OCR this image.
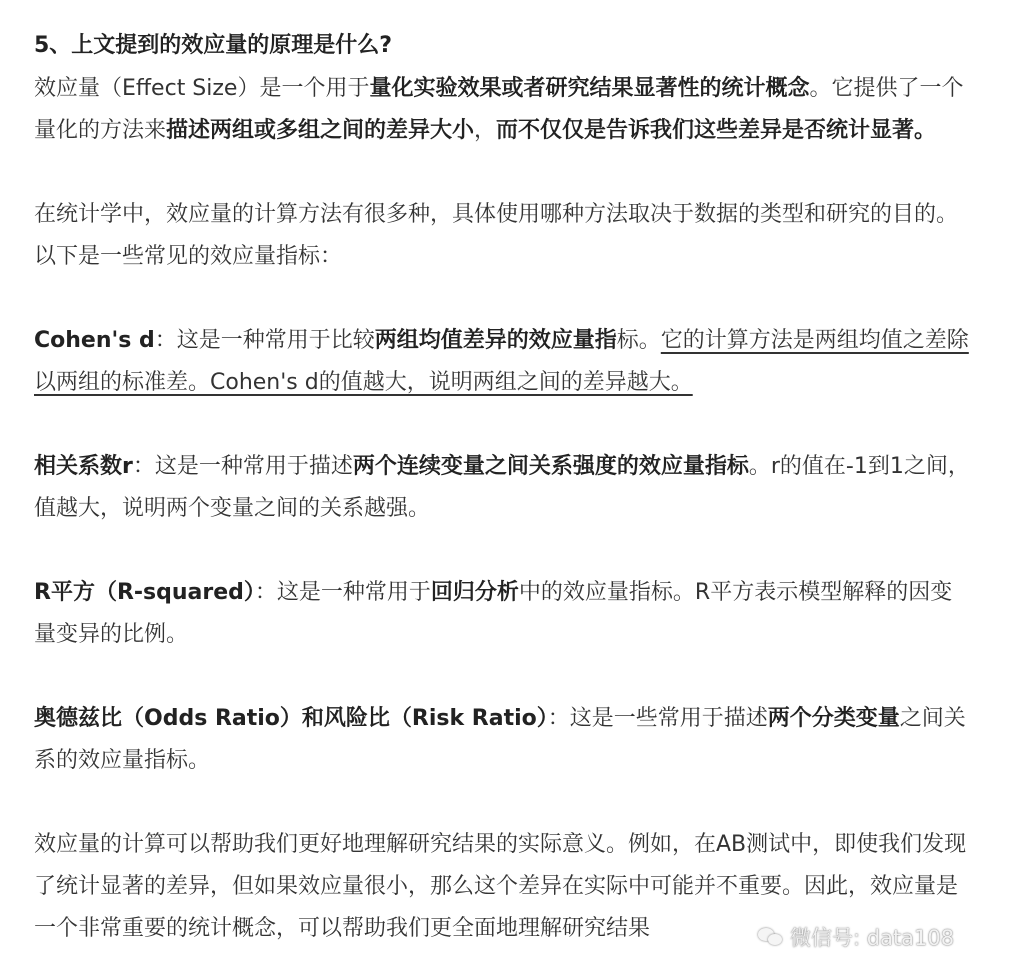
5、上文提到的效应量的原理是什么?

效应量（Effect Size）是一个用于量化实验效果或者研究结果显著性的统计概念。它提供了一个量化的方法来描述两组或多组之间的差异大小，而不仅仅是告诉我们这些差异是否统计显著。

在统计学中，效应量的计算方法有很多种，具体使用哪种方法取决于数据的类型和研究的目的。以下是一些常见的效应量指标：

Cohen's d：这是一种常用于比较两组均值差异的效应量指标。它的计算方法是两组均值之差除以两组的标准差。Cohen's d的值越大，说明两组之间的差异越大。

相关系数r：这是一种常用于描述两个连续变量之间关系强度的效应量指标。r的值在-1到1之间，值越大，说明两个变量之间的关系越强。

R平方（R-squared）：这是一种常用于回归分析中的效应量指标。R平方表示模型解释的因变量变异的比例。

奥德兹比（Odds Ratio）和风险比（Risk Ratio）：这是一些常用于描述两个分类变量之间关系的效应量指标。

效应量的计算可以帮助我们更好地理解研究结果的实际意义。例如，在AB测试中，即使我们发现了统计显著的差异，但如果效应量很小，那么这个差异在实际中可能并不重要。因此，效应量是一个非常重要的统计概念，可以帮助我们更全面地理解研究结果	微信号: data108
